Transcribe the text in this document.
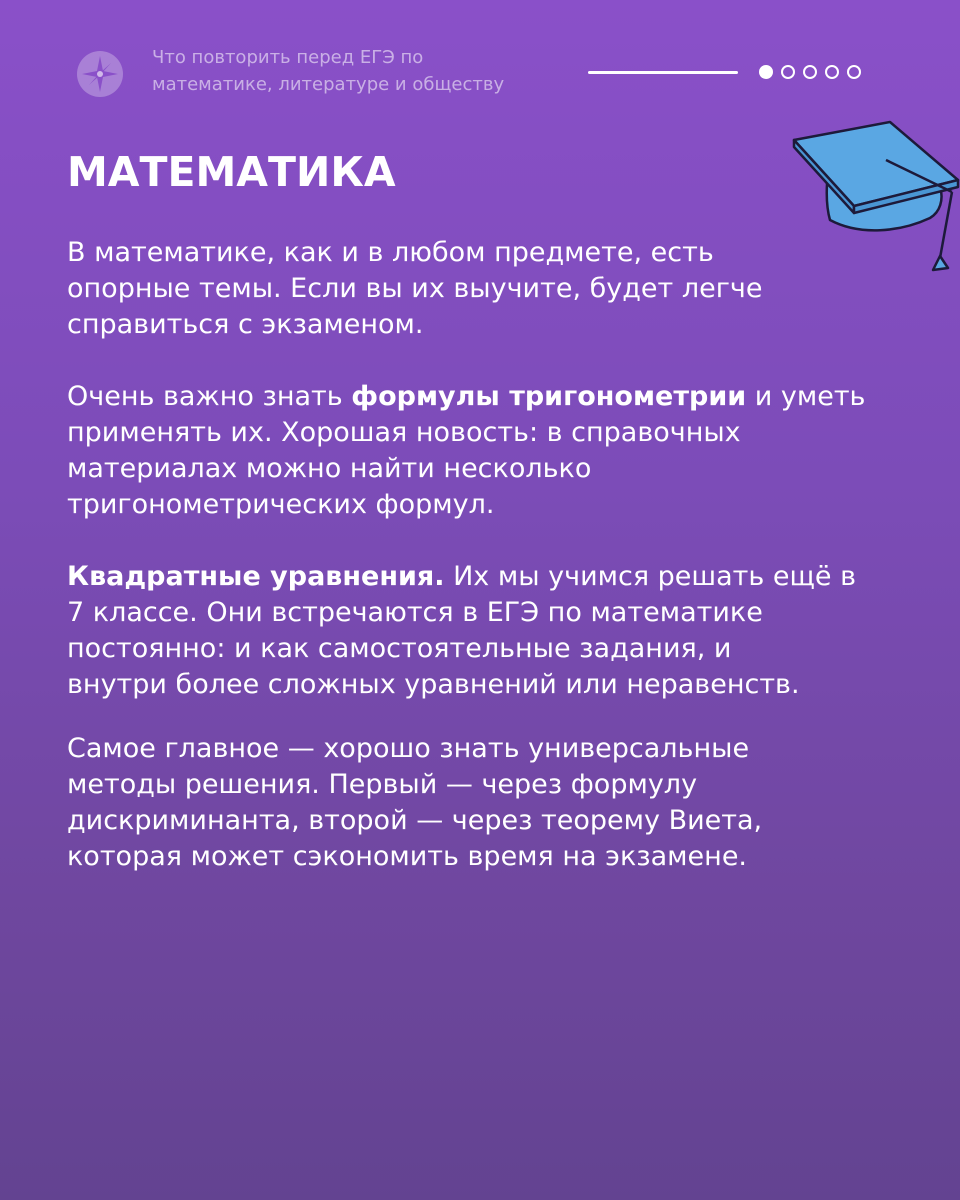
Что повторить перед ЕГЭ по
математике, литературе и обществу
МАТЕМАТИКА

В математике, как и в любом предмете, есть
опорные темы. Если вы их выучите, будет легче
справиться с экзаменом.

Очень важно знать формулы тригонометрии и уметь
применять их. Хорошая новость: в справочных
материалах можно найти несколько
тригонометрических формул.

Квадратные уравнения. Их мы учимся решать ещё в
7 классе. Они встречаются в ЕГЭ по математике
постоянно: и как самостоятельные задания, и
внутри более сложных уравнений или неравенств.

Самое главное — хорошо знать универсальные
методы решения. Первый — через формулу
дискриминанта, второй — через теорему Виета,
которая может сэкономить время на экзамене.
